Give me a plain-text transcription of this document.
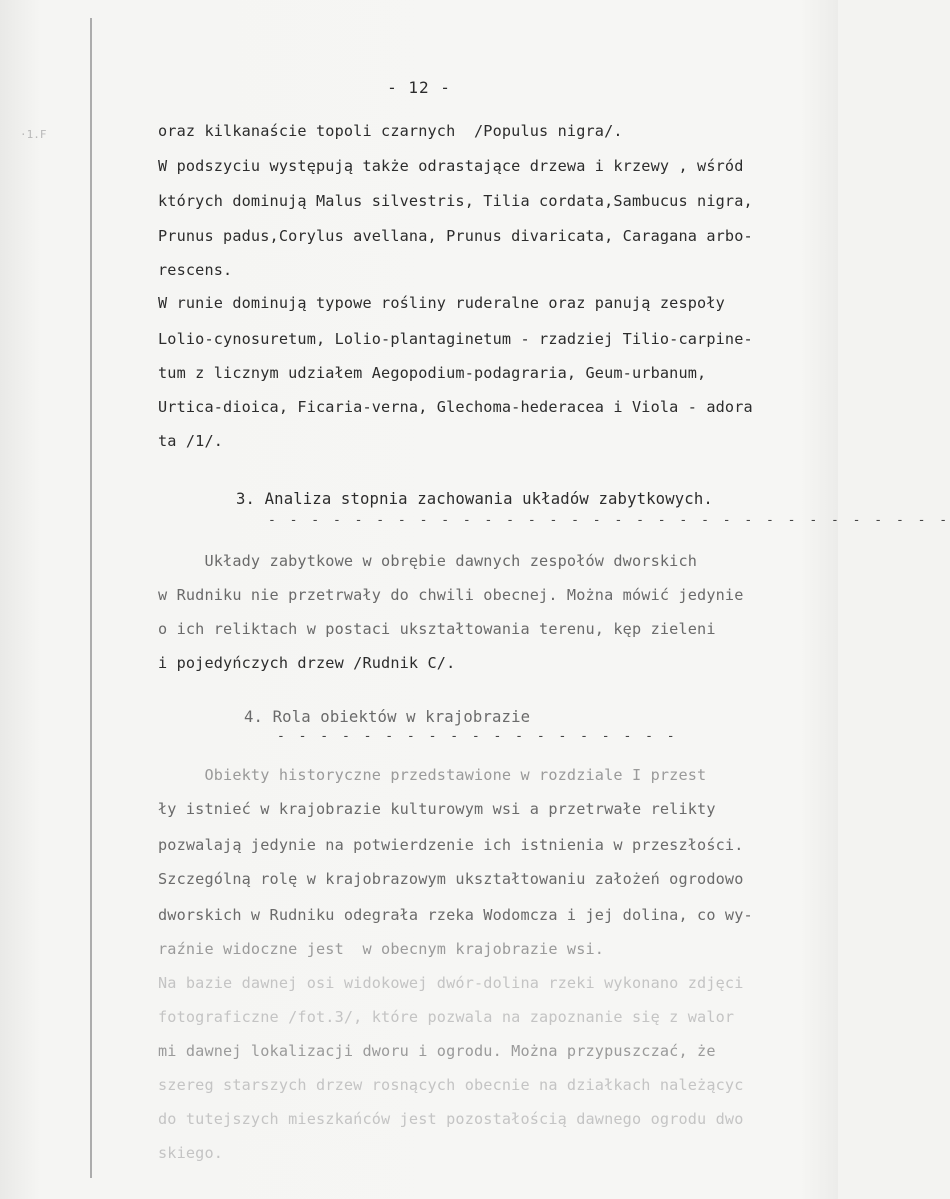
·1.F
- 12 -
oraz kilkanaście topoli czarnych  /Populus nigra/.
W podszyciu występują także odrastające drzewa i krzewy , wśród
których dominują Malus silvestris, Tilia cordata,Sambucus nigra,
Prunus padus,Corylus avellana, Prunus divaricata, Caragana arbo-
rescens.
W runie dominują typowe rośliny ruderalne oraz panują zespoły
Lolio-cynosuretum, Lolio-plantaginetum - rzadziej Tilio-carpine-
tum z licznym udziałem Aegopodium-podagraria, Geum-urbanum,
Urtica-dioica, Ficaria-verna, Glechoma-hederacea i Viola - adora
ta /1/.
3. Analiza stopnia zachowania układów zabytkowych.
- - - - - - - - - - - - - - - - - - - - - - - - - - - - - - - -
Układy zabytkowe w obrębie dawnych zespołów dworskich
w Rudniku nie przetrwały do chwili obecnej. Można mówić jedynie
o ich reliktach w postaci ukształtowania terenu, kęp zieleni
i pojedyńczych drzew /Rudnik C/.
4. Rola obiektów w krajobrazie
- - - - - - - - - - - - - - - - - - -
Obiekty historyczne przedstawione w rozdziale I przest
ły istnieć w krajobrazie kulturowym wsi a przetrwałe relikty
pozwalają jedynie na potwierdzenie ich istnienia w przeszłości.
Szczególną rolę w krajobrazowym ukształtowaniu założeń ogrodowo
dworskich w Rudniku odegrała rzeka Wodomcza i jej dolina, co wy-
raźnie widoczne jest  w obecnym krajobrazie wsi.
Na bazie dawnej osi widokowej dwór-dolina rzeki wykonano zdjęci
fotograficzne /fot.3/, które pozwala na zapoznanie się z walor
mi dawnej lokalizacji dworu i ogrodu. Można przypuszczać, że
szereg starszych drzew rosnących obecnie na działkach należącyc
do tutejszych mieszkańców jest pozostałością dawnego ogrodu dwo
skiego.
